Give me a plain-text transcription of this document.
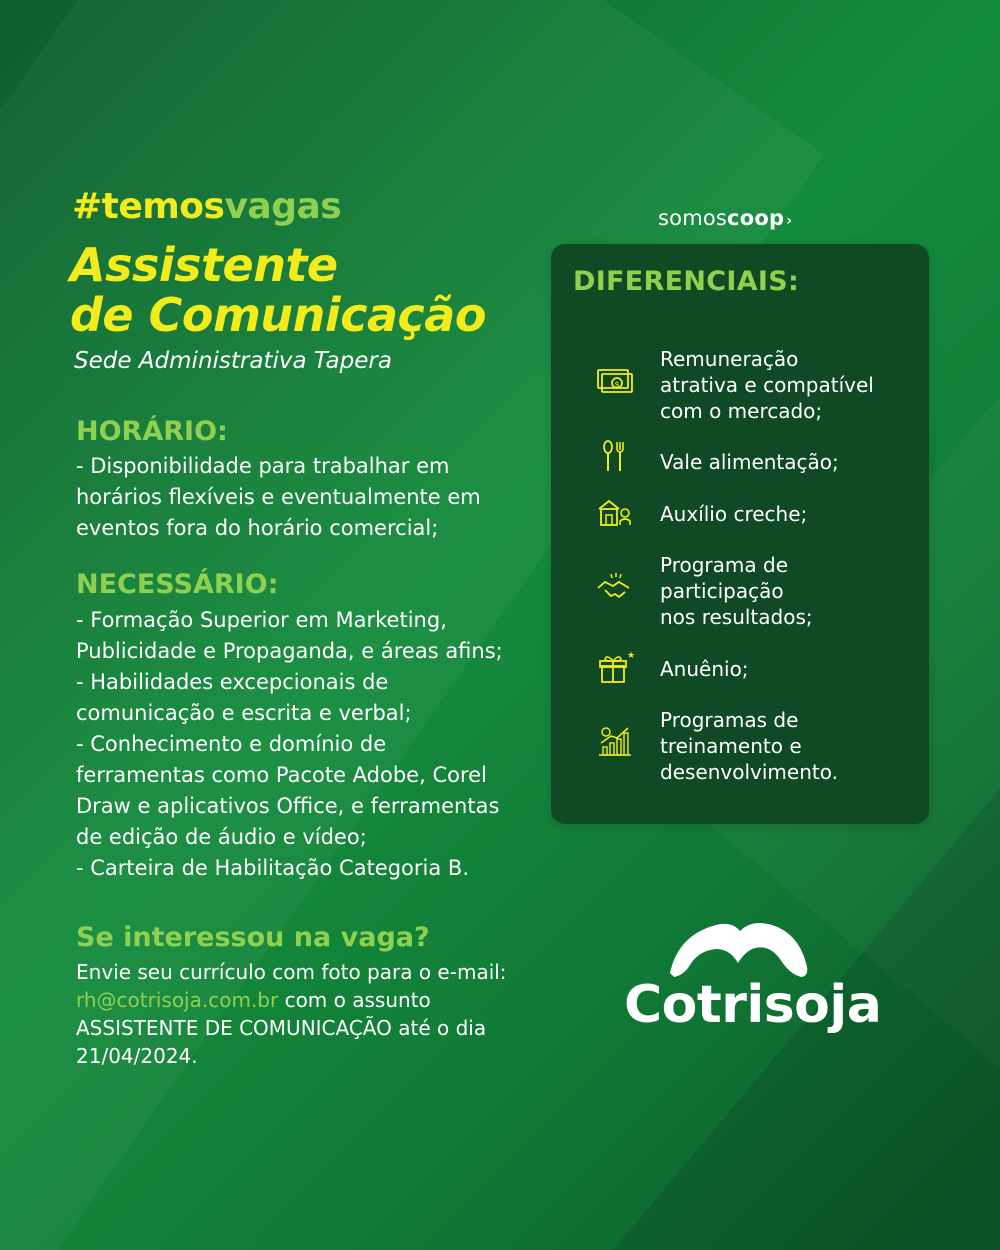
#temosvagas
Assistente
de Comunicação
Sede Administrativa Tapera
HORÁRIO:
- Disponibilidade para trabalhar em
horários flexíveis e eventualmente em
eventos fora do horário comercial;
NECESSÁRIO:
- Formação Superior em Marketing,
Publicidade e Propaganda, e áreas afins;
- Habilidades excepcionais de
comunicação e escrita e verbal;
- Conhecimento e domínio de
ferramentas como Pacote Adobe, Corel
Draw e aplicativos Office, e ferramentas
de edição de áudio e vídeo;
- Carteira de Habilitação Categoria B.
Se interessou na vaga?
Envie seu currículo com foto para o e-mail:
rh@cotrisoja.com.br com o assunto
ASSISTENTE DE COMUNICAÇÃO até o dia
21/04/2024.
somoscoop ›
DIFERENCIAIS:
$
Remuneração
atrativa e compatível
com o mercado;
Vale alimentação;
Auxílio creche;
Programa de
participação
nos resultados;
★
Anuênio;
Programas de
treinamento e
desenvolvimento.
Cotrisoja
